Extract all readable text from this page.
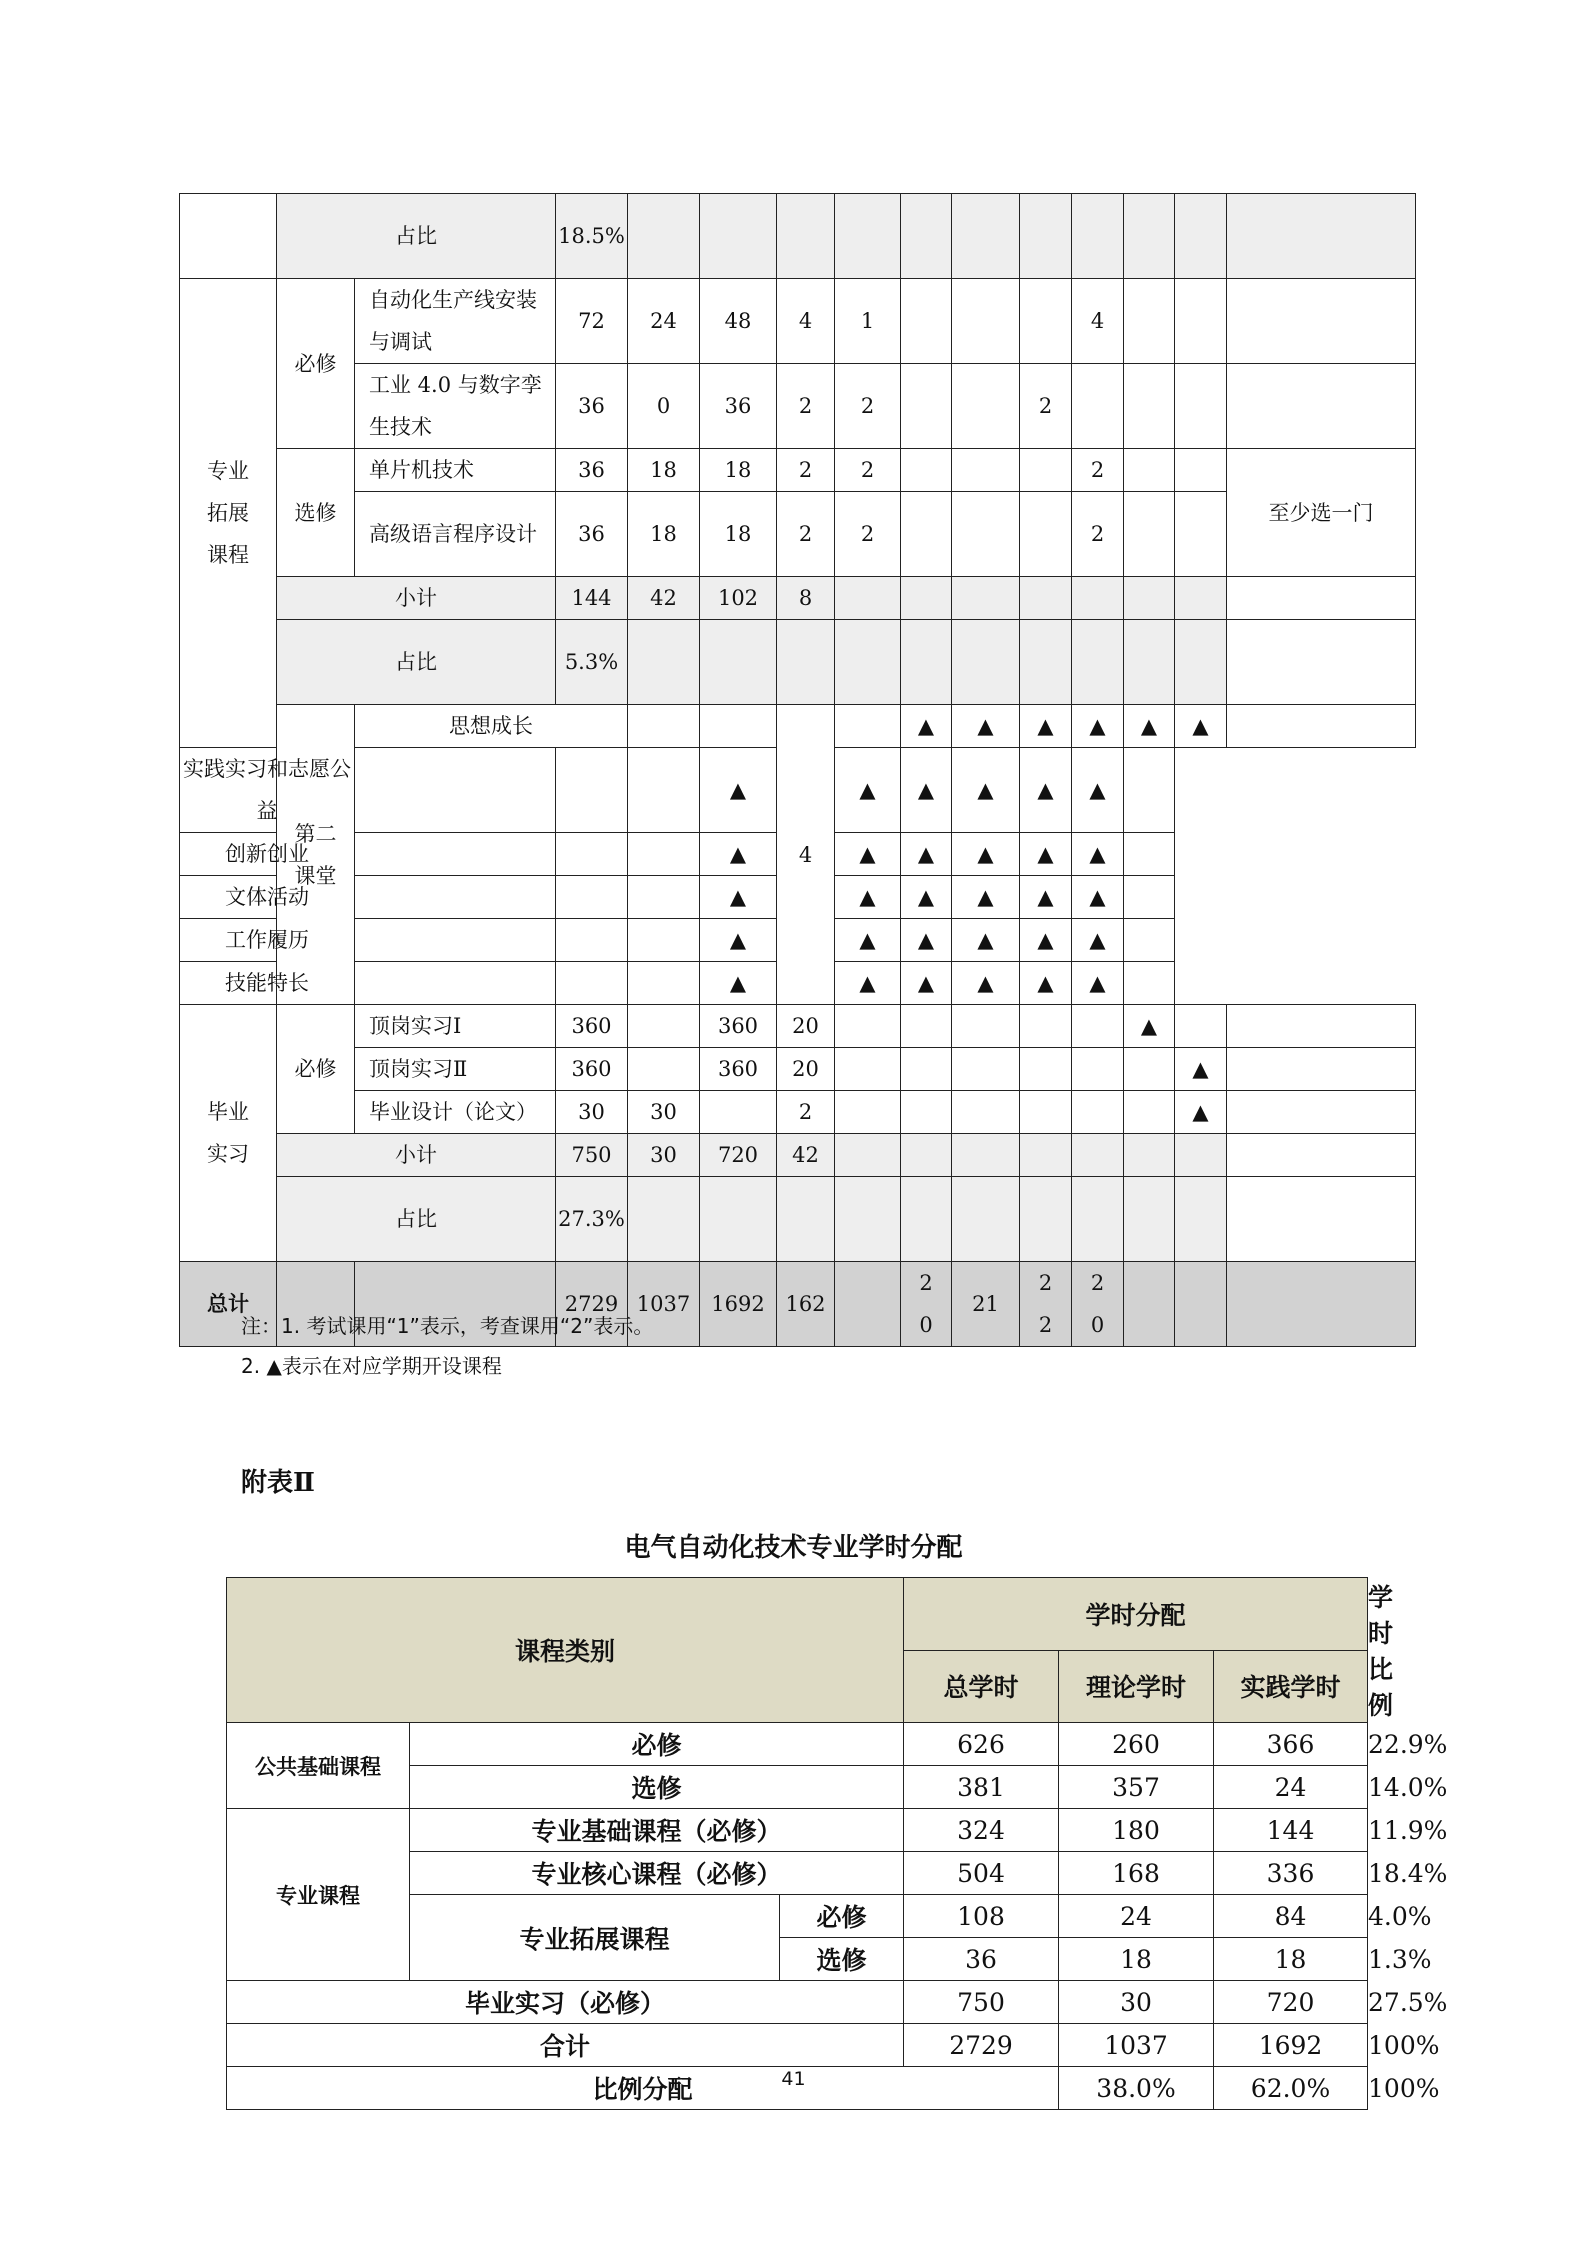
	占比		18.5%											

专业拓展课程	必修	自动化生产线安装与调试	72	24	48	4	1				4			
		工业 4.0 与数字孪生技术	36	0	36	2	2			2				
	选修	单片机技术	36	18	18	2	2				2			至少选一门
		高级语言程序设计	36	18	18	2	2				2			
	小计		144	42	102	8								
	占比		5.3%											

	第二课堂	思想成长				4		▲	▲	▲	▲	▲	▲	
实践实习和志愿公益					▲		▲	▲	▲	▲	▲			
创新创业					▲		▲	▲	▲	▲	▲			
文体活动					▲		▲	▲	▲	▲	▲			
工作履历					▲		▲	▲	▲	▲	▲			
技能特长					▲		▲	▲	▲	▲	▲			

毕业实习	必修	顶岗实习Ⅰ	360		360	20						▲		
		顶岗实习Ⅱ	360		360	20							▲	
		毕业设计（论文）	30	30		2							▲	
	小计		750	30	720	42								
	占比		27.3%											
总计			2729	1037	1692	162		20	21	22	20			
注：1. 考试课用“1”表示，考查课用“2”表示。
2. ▲表示在对应学期开设课程
附表Ⅱ
电气自动化技术专业学时分配
课程类别			学时分配			学时比例
			总学时	理论学时	实践学时	
公共基础课程	必修		626	260	366	22.9%
	选修		381	357	24	14.0%
专业课程	专业基础课程（必修）		324	180	144	11.9%
	专业核心课程（必修）		504	168	336	18.4%
	专业拓展课程	必修	108	24	84	4.0%
		选修	36	18	18	1.3%
毕业实习（必修）			750	30	720	27.5%
合计			2729	1037	1692	100%
比例分配				38.0%	62.0%	100%
41
